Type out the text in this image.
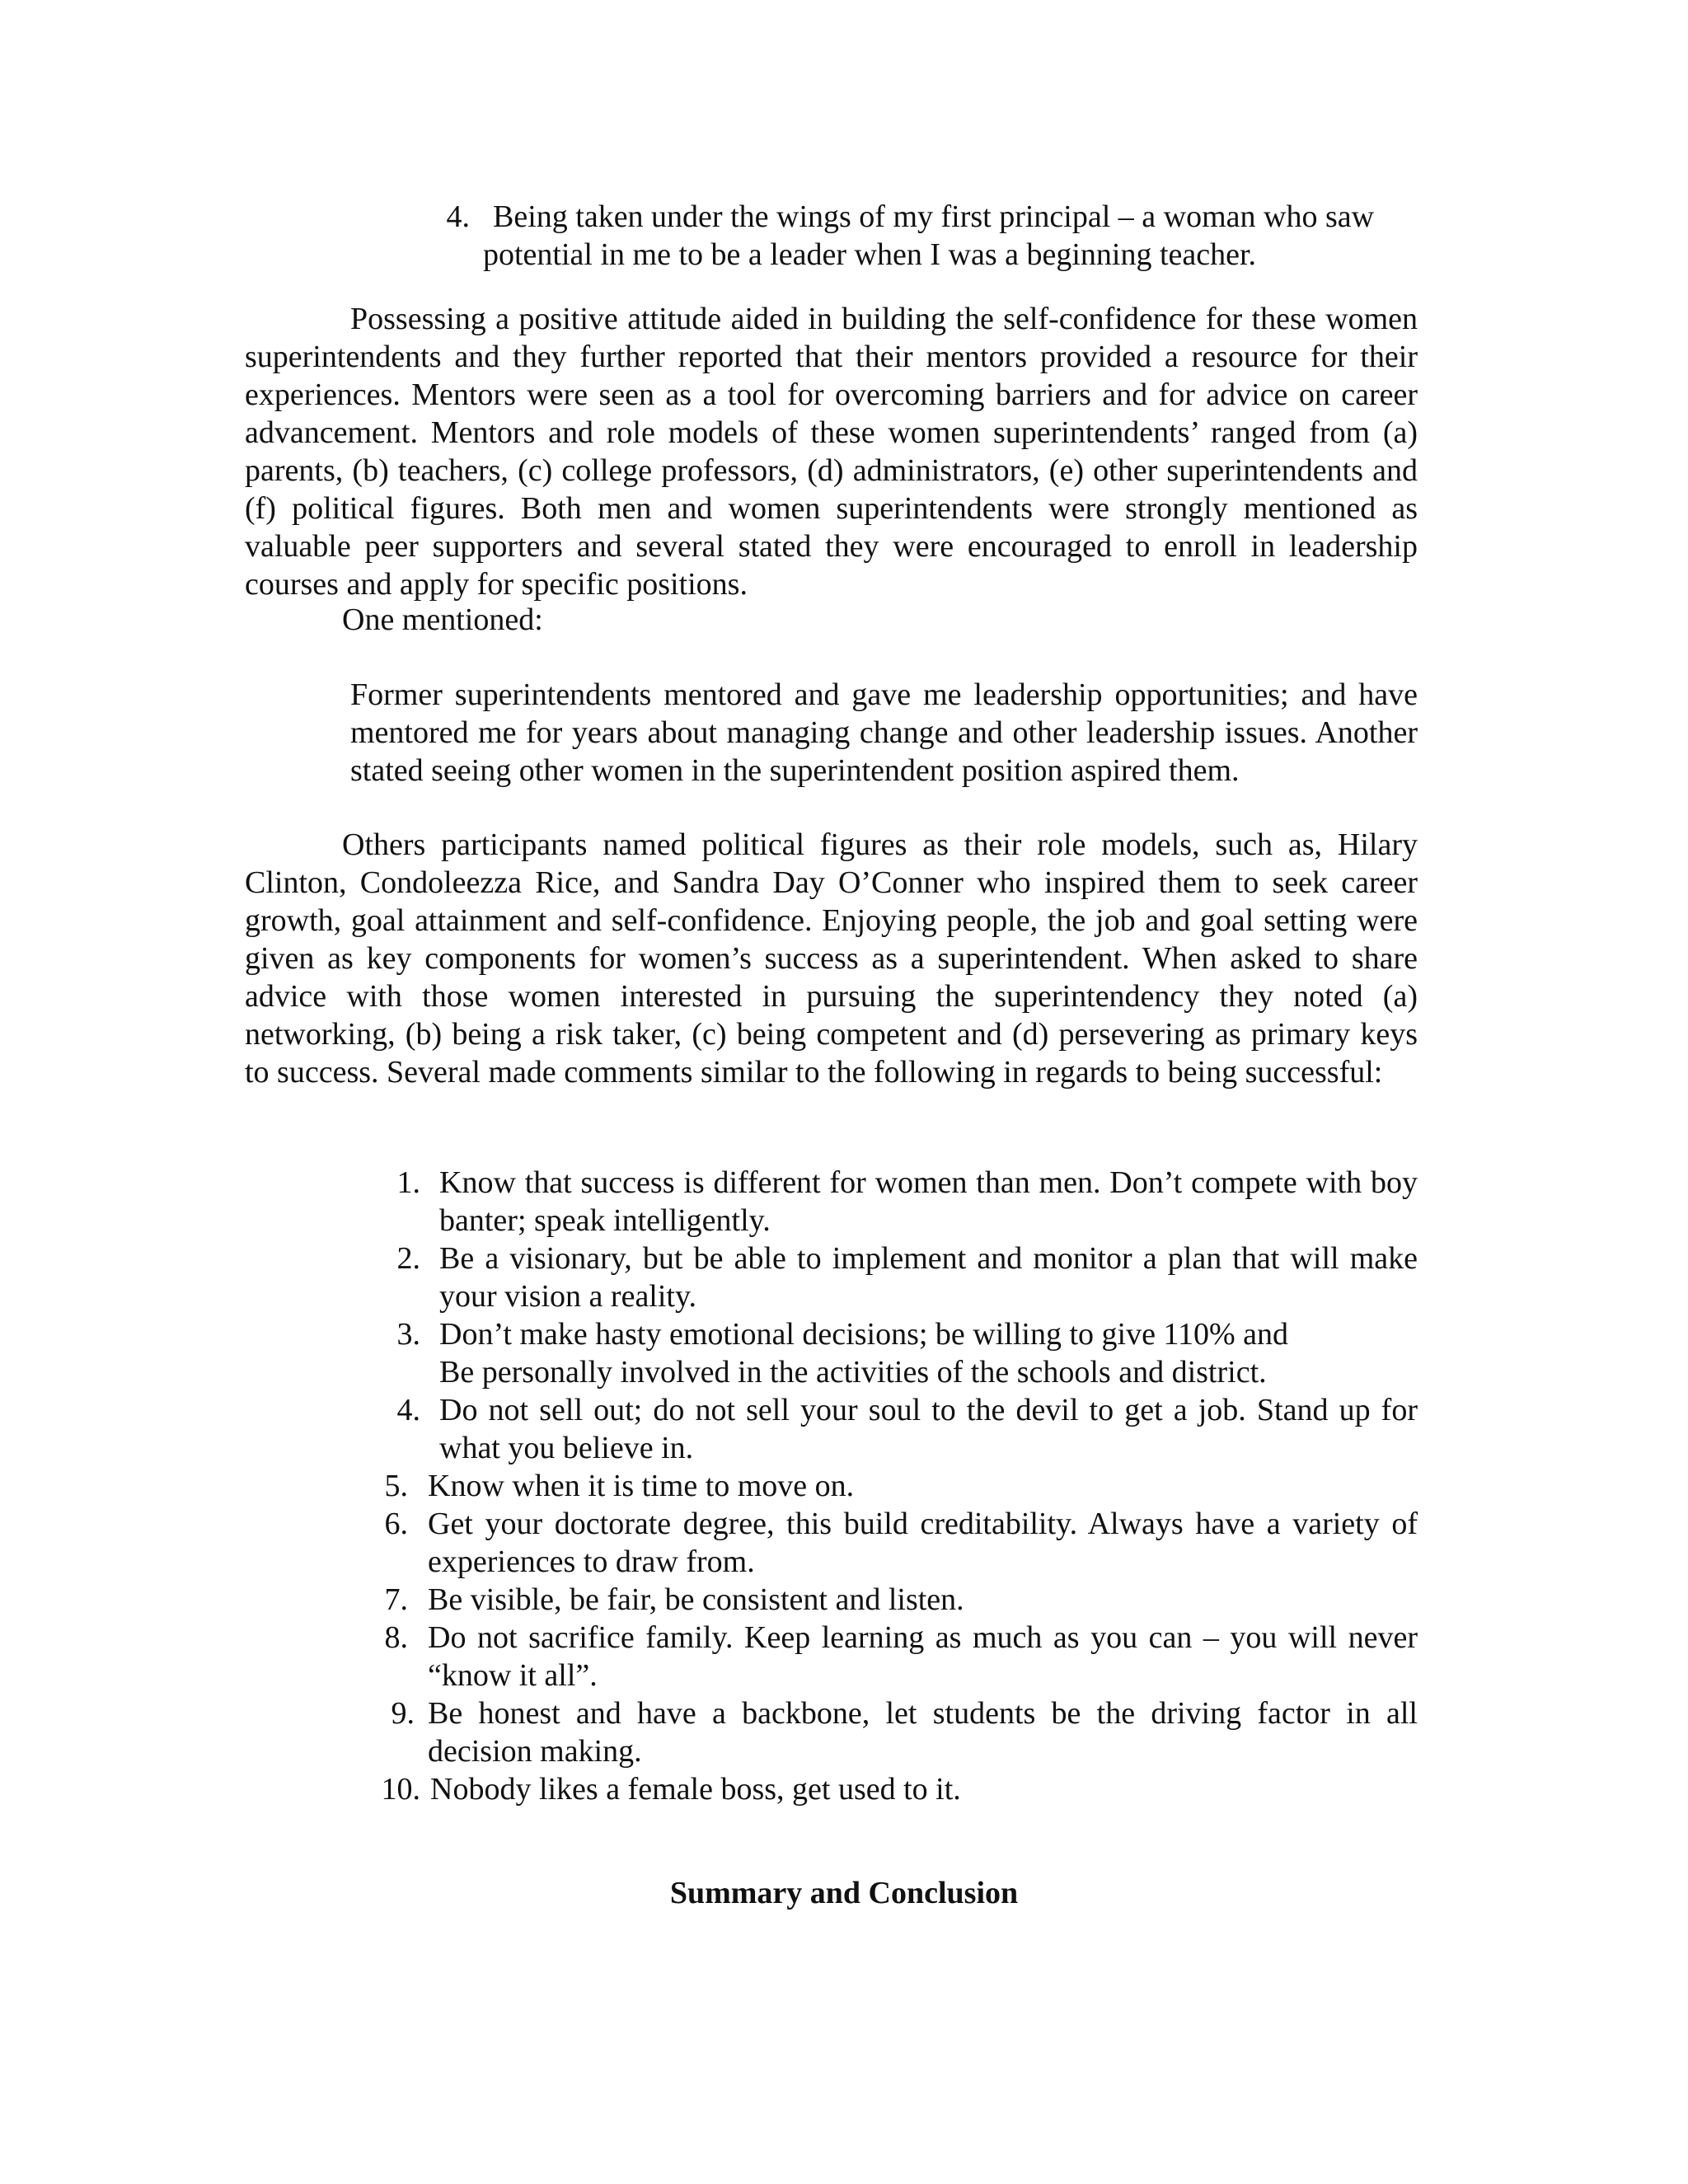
4. Being taken under the wings of my first principal – a woman who saw
potential in me to be a leader when I was a beginning teacher.

Possessing a positive attitude aided in building the self-confidence for these women superintendents and they further reported that their mentors provided a resource for their experiences. Mentors were seen as a tool for overcoming barriers and for advice on career advancement. Mentors and role models of these women superintendents’ ranged from (a) parents, (b) teachers, (c) college professors, (d) administrators, (e) other superintendents and (f) political figures. Both men and women superintendents were strongly mentioned as valuable peer supporters and several stated they were encouraged to enroll in leadership courses and apply for specific positions.

One mentioned:

Former superintendents mentored and gave me leadership opportunities; and have mentored me for years about managing change and other leadership issues. Another stated seeing other women in the superintendent position aspired them.

Others participants named political figures as their role models, such as, Hilary Clinton, Condoleezza Rice, and Sandra Day O’Conner who inspired them to seek career growth, goal attainment and self-confidence. Enjoying people, the job and goal setting were given as key components for women’s success as a superintendent. When asked to share advice with those women interested in pursuing the superintendency they noted (a) networking, (b) being a risk taker, (c) being competent and (d) persevering as primary keys to success. Several made comments similar to the following in regards to being successful:

1. Know that success is different for women than men. Don’t compete with boy banter; speak intelligently.
2. Be a visionary, but be able to implement and monitor a plan that will make your vision a reality.
3. Don’t make hasty emotional decisions; be willing to give 110% and
Be personally involved in the activities of the schools and district.
4. Do not sell out; do not sell your soul to the devil to get a job. Stand up for what you believe in.
5. Know when it is time to move on.
6. Get your doctorate degree, this build creditability. Always have a variety of experiences to draw from.
7. Be visible, be fair, be consistent and listen.
8. Do not sacrifice family. Keep learning as much as you can – you will never “know it all”.
9. Be honest and have a backbone, let students be the driving factor in all decision making.
10. Nobody likes a female boss, get used to it.
Summary and Conclusion
